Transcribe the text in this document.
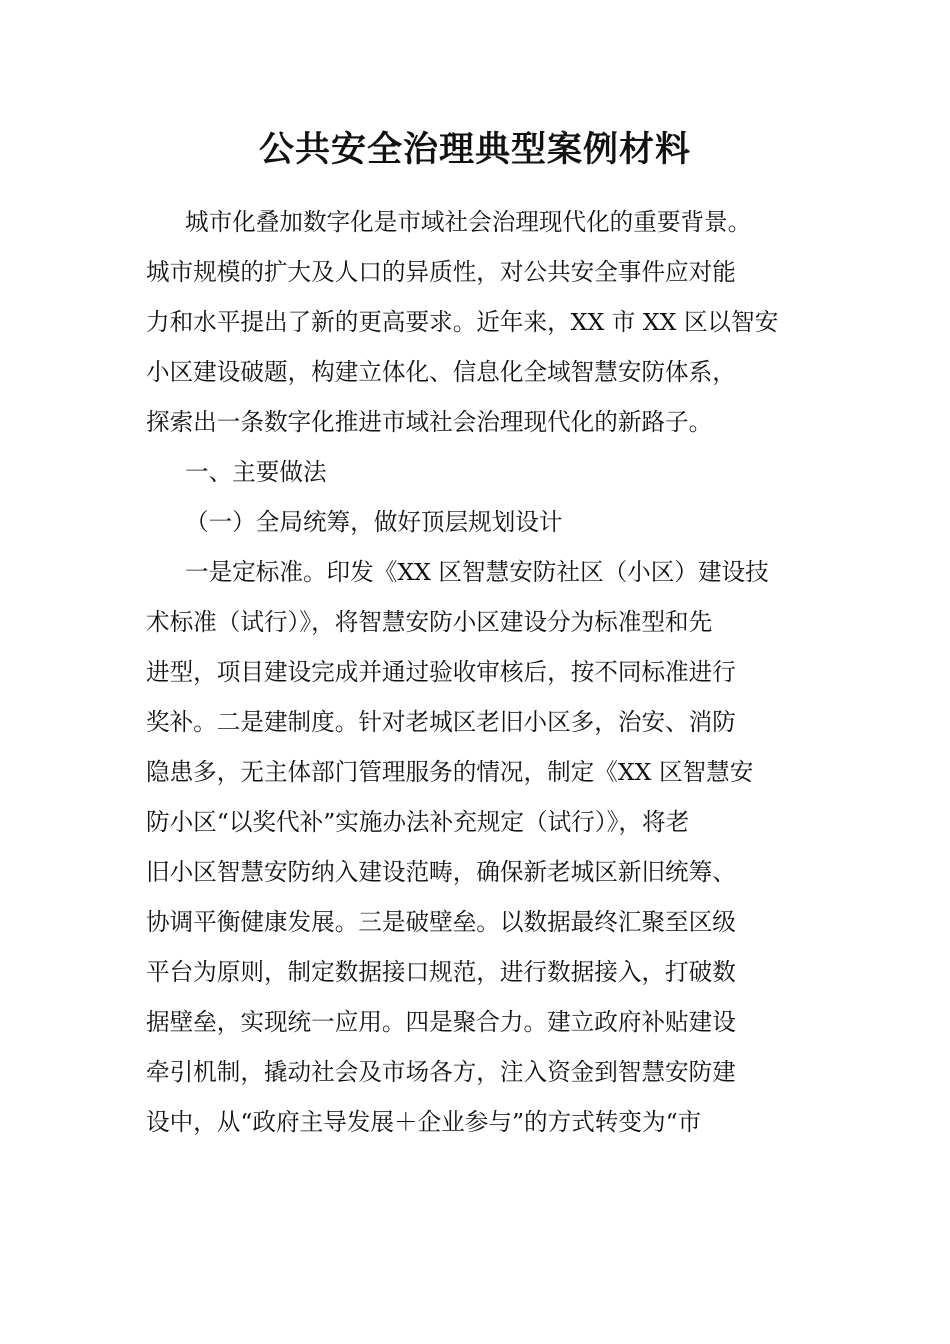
公共安全治理典型案例材料
城市化叠加数字化是市域社会治理现代化的重要背景。
城市规模的扩大及人口的异质性，对公共安全事件应对能
力和水平提出了新的更高要求。近年来，XX 市 XX 区以智安
小区建设破题，构建立体化、信息化全域智慧安防体系，
探索出一条数字化推进市域社会治理现代化的新路子。
一、主要做法
（一）全局统筹，做好顶层规划设计
一是定标准。印发《XX 区智慧安防社区（小区）建设技
术标准（试行）》，将智慧安防小区建设分为标准型和先
进型，项目建设完成并通过验收审核后，按不同标准进行
奖补。二是建制度。针对老城区老旧小区多，治安、消防
隐患多，无主体部门管理服务的情况，制定《XX 区智慧安
防小区“以奖代补”实施办法补充规定（试行）》，将老
旧小区智慧安防纳入建设范畴，确保新老城区新旧统筹、
协调平衡健康发展。三是破壁垒。以数据最终汇聚至区级
平台为原则，制定数据接口规范，进行数据接入，打破数
据壁垒，实现统一应用。四是聚合力。建立政府补贴建设
牵引机制，撬动社会及市场各方，注入资金到智慧安防建
设中，从“政府主导发展＋企业参与”的方式转变为“市
